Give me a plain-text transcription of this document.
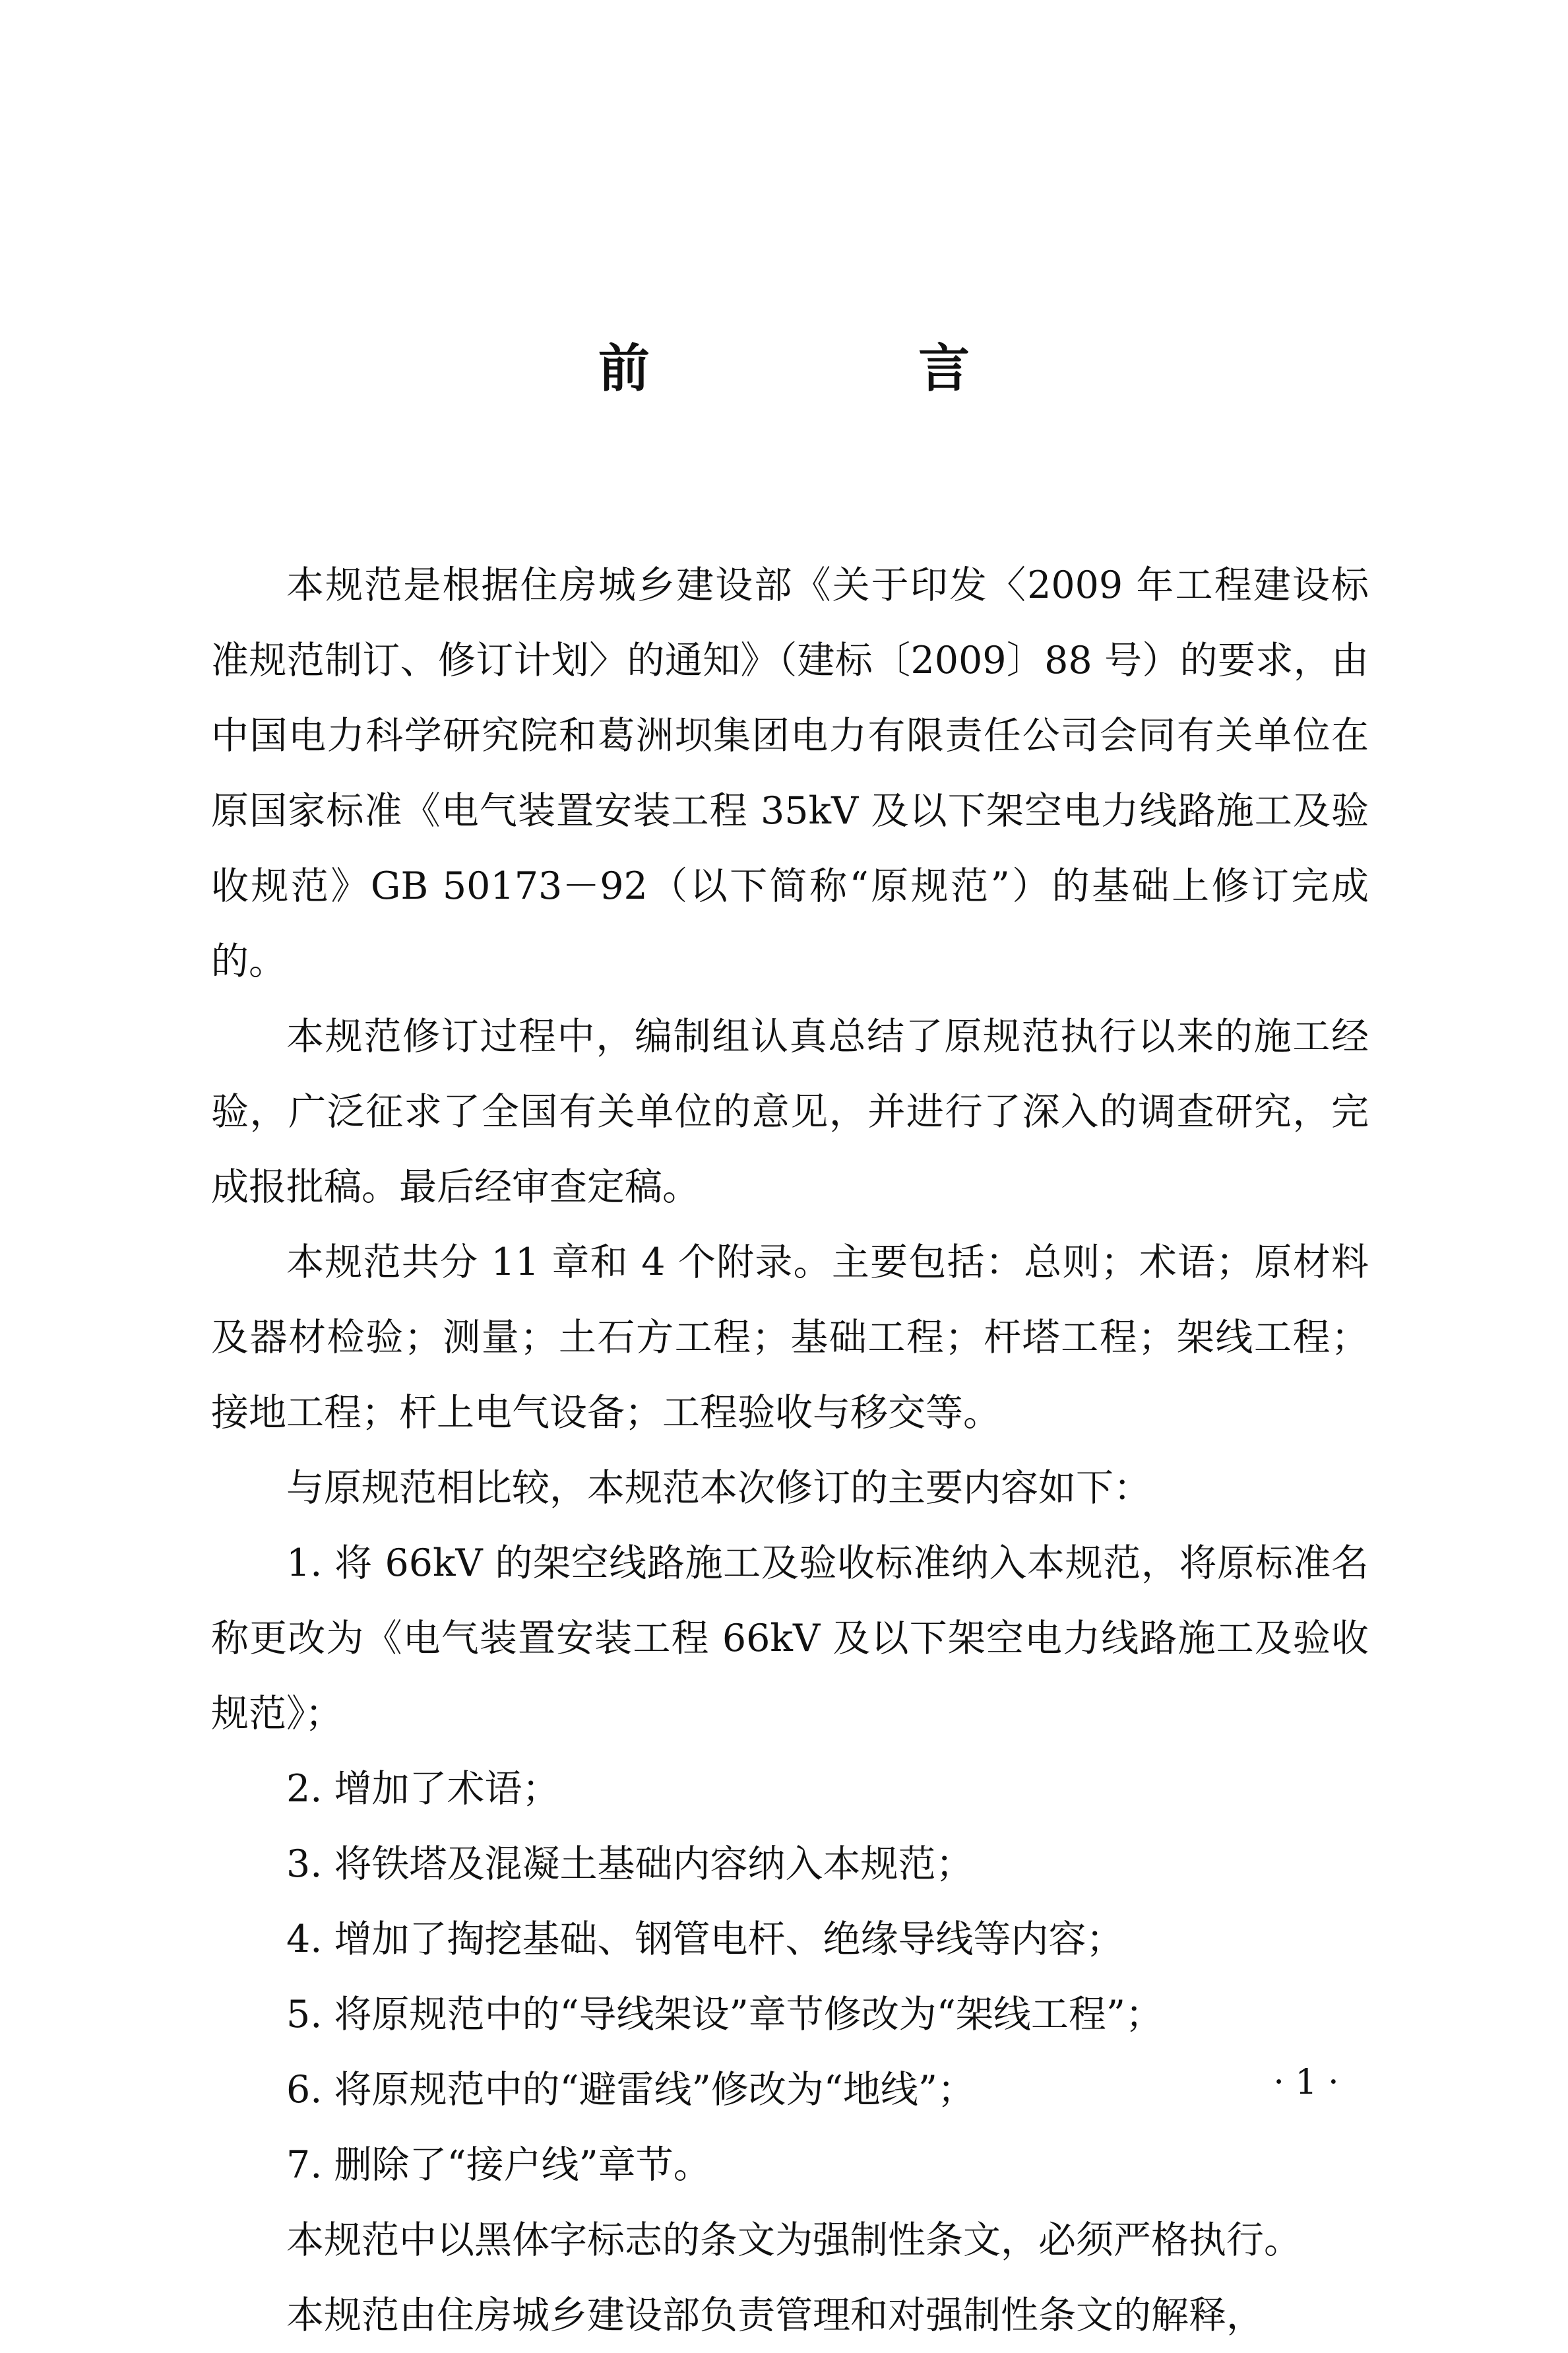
前 言

本规范是根据住房城乡建设部《关于印发〈2009 年工程建设标准规范制订、修订计划〉的通知》（建标〔2009〕88 号）的要求，由中国电力科学研究院和葛洲坝集团电力有限责任公司会同有关单位在原国家标准《电气装置安装工程 35kV 及以下架空电力线路施工及验收规范》GB 50173－92（以下简称“原规范”）的基础上修订完成的。

本规范修订过程中，编制组认真总结了原规范执行以来的施工经验，广泛征求了全国有关单位的意见，并进行了深入的调查研究，完成报批稿。最后经审查定稿。

本规范共分 11 章和 4 个附录。主要包括：总则；术语；原材料及器材检验；测量；土石方工程；基础工程；杆塔工程；架线工程；接地工程；杆上电气设备；工程验收与移交等。

与原规范相比较，本规范本次修订的主要内容如下：

1. 将 66kV 的架空线路施工及验收标准纳入本规范，将原标准名称更改为《电气装置安装工程 66kV 及以下架空电力线路施工及验收规范》；

2. 增加了术语；

3. 将铁塔及混凝土基础内容纳入本规范；

4. 增加了掏挖基础、钢管电杆、绝缘导线等内容；

5. 将原规范中的“导线架设”章节修改为“架线工程”；

6. 将原规范中的“避雷线”修改为“地线”；

7. 删除了“接户线”章节。

本规范中以黑体字标志的条文为强制性条文，必须严格执行。

本规范由住房城乡建设部负责管理和对强制性条文的解释，

· 1 ·
